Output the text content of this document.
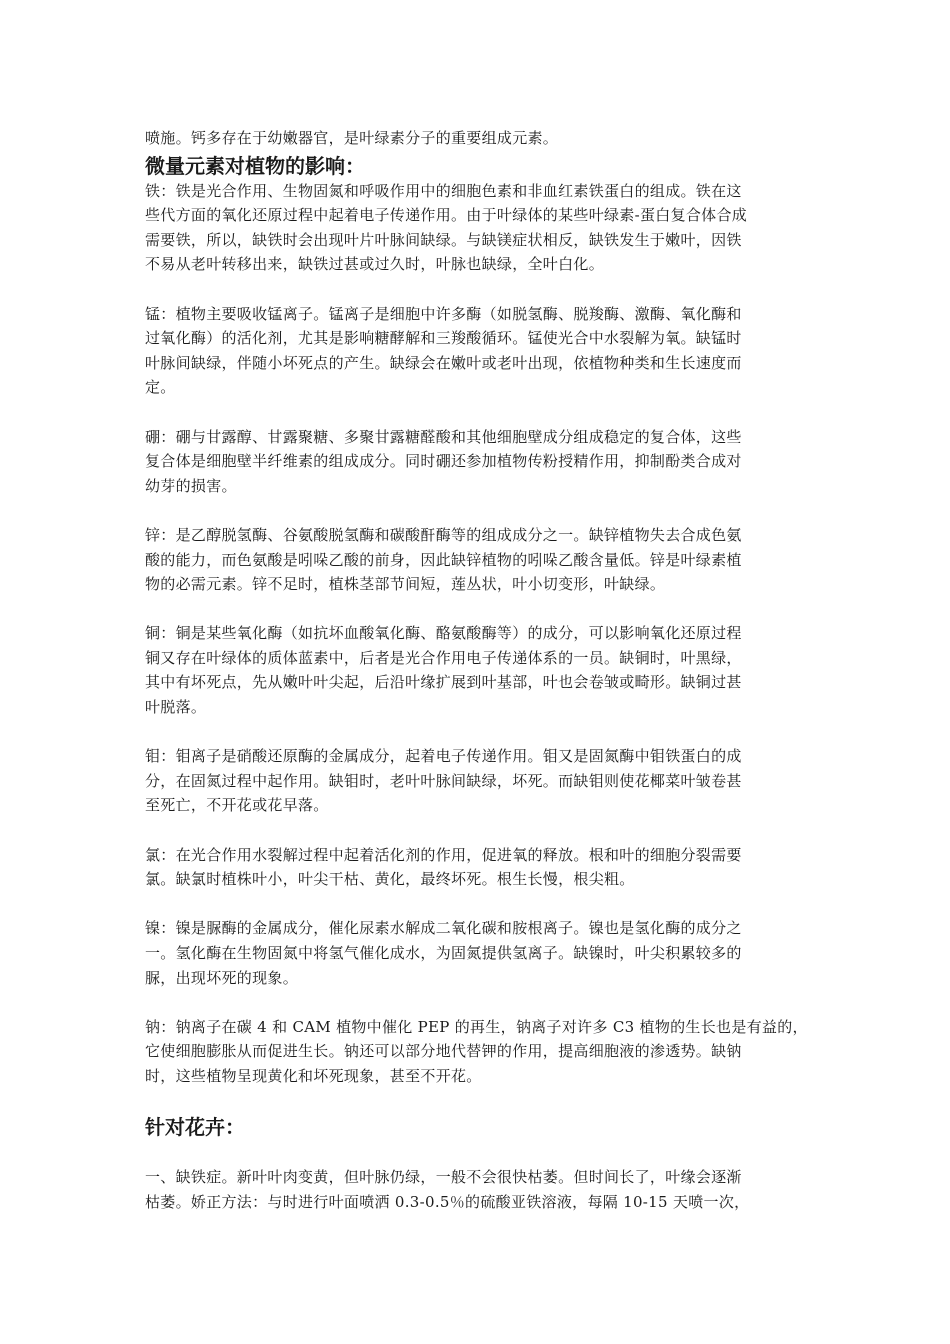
喷施。钙多存在于幼嫩器官，是叶绿素分子的重要组成元素。

微量元素对植物的影响：

铁：铁是光合作用、生物固氮和呼吸作用中的细胞色素和非血红素铁蛋白的组成。铁在这

些代方面的氧化还原过程中起着电子传递作用。由于叶绿体的某些叶绿素-蛋白复合体合成

需要铁，所以，缺铁时会出现叶片叶脉间缺绿。与缺镁症状相反，缺铁发生于嫩叶，因铁

不易从老叶转移出来，缺铁过甚或过久时，叶脉也缺绿，全叶白化。

锰：植物主要吸收锰离子。锰离子是细胞中许多酶（如脱氢酶、脱羧酶、激酶、氧化酶和

过氧化酶）的活化剂，尤其是影响糖酵解和三羧酸循环。锰使光合中水裂解为氧。缺锰时

叶脉间缺绿，伴随小坏死点的产生。缺绿会在嫩叶或老叶出现，依植物种类和生长速度而

定。

硼：硼与甘露醇、甘露聚糖、多聚甘露糖醛酸和其他细胞壁成分组成稳定的复合体，这些

复合体是细胞壁半纤维素的组成成分。同时硼还参加植物传粉授精作用，抑制酚类合成对

幼芽的损害。

锌：是乙醇脱氢酶、谷氨酸脱氢酶和碳酸酐酶等的组成成分之一。缺锌植物失去合成色氨

酸的能力，而色氨酸是吲哚乙酸的前身，因此缺锌植物的吲哚乙酸含量低。锌是叶绿素植

物的必需元素。锌不足时，植株茎部节间短，莲丛状，叶小切变形，叶缺绿。

铜：铜是某些氧化酶（如抗坏血酸氧化酶、酪氨酸酶等）的成分，可以影响氧化还原过程

铜又存在叶绿体的质体蓝素中，后者是光合作用电子传递体系的一员。缺铜时，叶黑绿，

其中有坏死点，先从嫩叶叶尖起，后沿叶缘扩展到叶基部，叶也会卷皱或畸形。缺铜过甚

叶脱落。

钼：钼离子是硝酸还原酶的金属成分，起着电子传递作用。钼又是固氮酶中钼铁蛋白的成

分，在固氮过程中起作用。缺钼时，老叶叶脉间缺绿，坏死。而缺钼则使花椰菜叶皱卷甚

至死亡，不开花或花早落。

氯：在光合作用水裂解过程中起着活化剂的作用，促进氧的释放。根和叶的细胞分裂需要

氯。缺氯时植株叶小，叶尖干枯、黄化，最终坏死。根生长慢，根尖粗。

镍：镍是脲酶的金属成分，催化尿素水解成二氧化碳和胺根离子。镍也是氢化酶的成分之

一。氢化酶在生物固氮中将氢气催化成水，为固氮提供氢离子。缺镍时，叶尖积累较多的

脲，出现坏死的现象。

钠：钠离子在碳 4 和 CAM 植物中催化 PEP 的再生，钠离子对许多 C3 植物的生长也是有益的，

它使细胞膨胀从而促进生长。钠还可以部分地代替钾的作用，提高细胞液的渗透势。缺钠

时，这些植物呈现黄化和坏死现象，甚至不开花。

针对花卉：

一、缺铁症。新叶叶肉变黄，但叶脉仍绿，一般不会很快枯萎。但时间长了，叶缘会逐渐

枯萎。娇正方法：与时进行叶面喷洒 0.3-0.5％的硫酸亚铁溶液，每隔 10-15 天喷一次，
